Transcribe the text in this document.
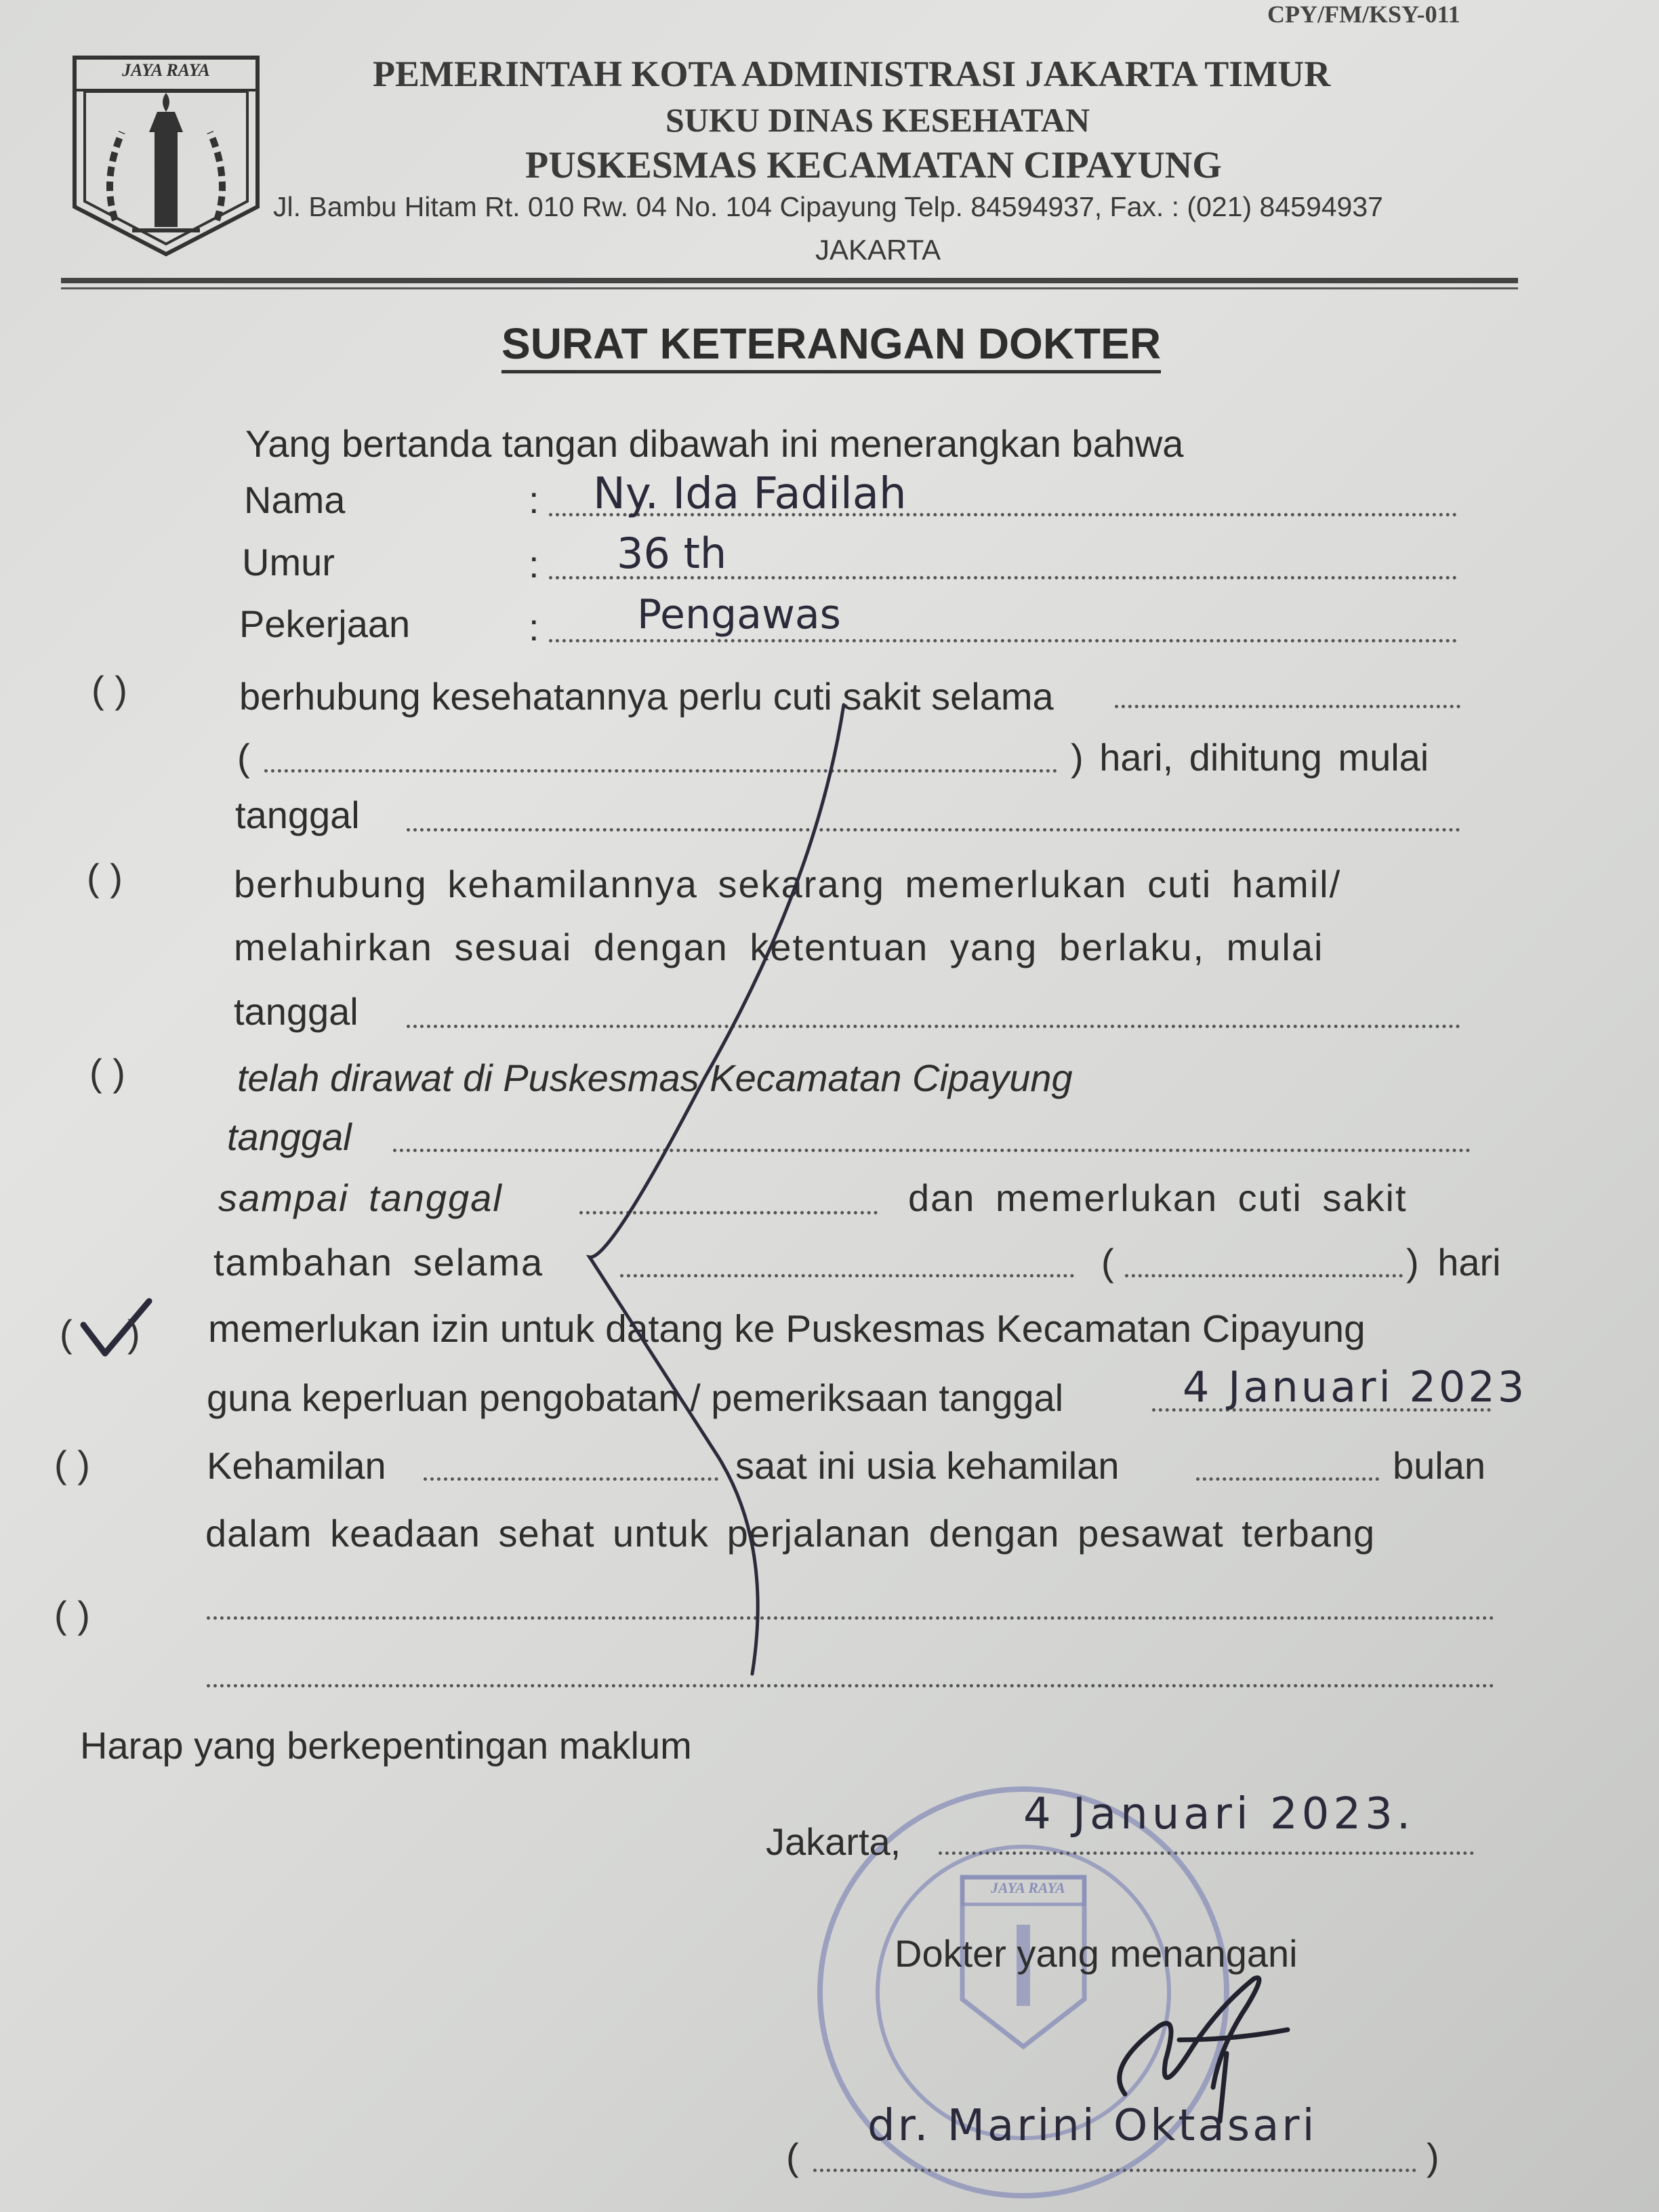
CPY/FM/KSY-011
JAYA RAYA	PEMERINTAH KOTA ADMINISTRASI JAKARTA TIMUR
SUKU DINAS KESEHATAN
PUSKESMAS KECAMATAN CIPAYUNG
Jl. Bambu Hitam Rt. 010 Rw. 04 No. 104 Cipayung Telp. 84594937, Fax. : (021) 84594937
JAKARTA
SURAT KETERANGAN DOKTER
Yang bertanda tangan dibawah ini menerangkan bahwa
Nama	: Ny. Ida Fadilah
Umur	: 36 th
Pekerjaan	: Pengawas
( )	berhubung kesehatannya perlu cuti sakit selama
(	) hari, dihitung mulai
tanggal
( )	berhubung kehamilannya sekarang memerlukan cuti hamil/
melahirkan sesuai dengan ketentuan yang berlaku, mulai
tanggal
( )	telah dirawat di Puskesmas Kecamatan Cipayung
tanggal
sampai tanggal	dan memerlukan cuti sakit
tambahan selama	(	) hari
( ) memerlukan izin untuk datang ke Puskesmas Kecamatan Cipayung
guna keperluan pengobatan / pemeriksaan tanggal	4 Januari 2023
( )	Kehamilan	saat ini usia kehamilan	bulan
dalam keadaan sehat untuk perjalanan dengan pesawat terbang
( )
Harap yang berkepentingan maklum
JAYA RAYA
Jakarta,
4 Januari 2023.
Dokter yang menangani
(
dr. Marini Oktasari
)
